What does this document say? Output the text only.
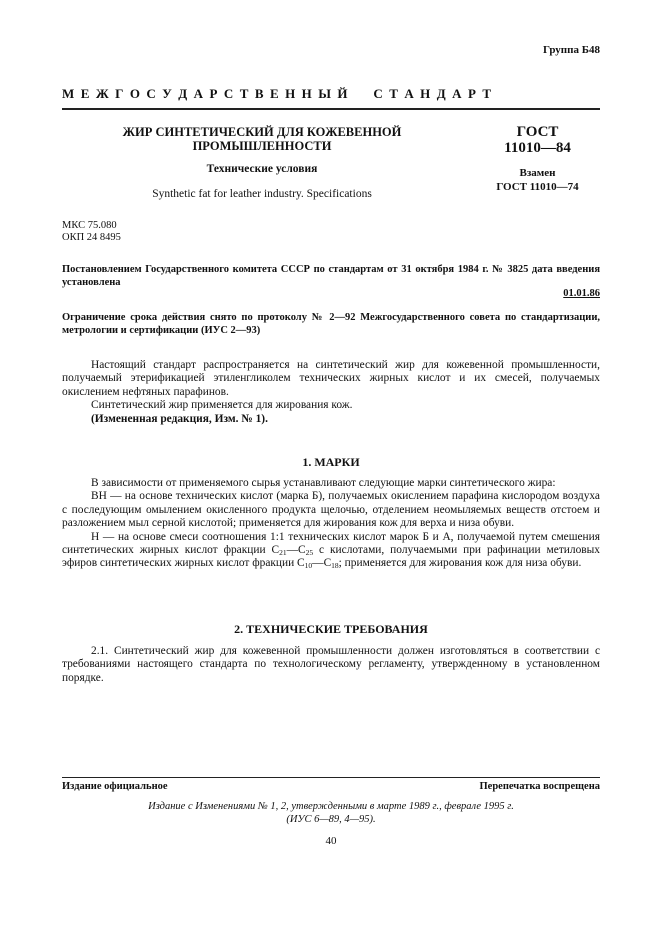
Группа Б48
М Е Ж Г О С У Д А Р С Т В Е Н Н Ы Й     С Т А Н Д А Р Т
ЖИР СИНТЕТИЧЕСКИЙ ДЛЯ КОЖЕВЕННОЙ
ПРОМЫШЛЕННОСТИ
Технические условия
Synthetic fat for leather industry. Specifications
ГОСТ
11010—84
Взамен
ГОСТ 11010—74
МКС 75.080
ОКП 24 8495
Постановлением Государственного комитета СССР по стандартам от 31 октября 1984 г. № 3825 дата введения установлена
01.01.86
Ограничение срока действия снято по протоколу № 2—92 Межгосударственного совета по стандартизации, метрологии и сертификации (ИУС 2—93)

Настоящий стандарт распространяется на синтетический жир для кожевенной промышленности, получаемый этерификацией этиленгликолем технических жирных кислот и их смесей, получаемых окислением нефтяных парафинов.

Синтетический жир применяется для жирования кож.

(Измененная редакция, Изм. № 1).

1. МАРКИ

В зависимости от применяемого сырья устанавливают следующие марки синтетического жира:

ВН — на основе технических кислот (марка Б), получаемых окислением парафина кислородом воздуха с последующим омылением окисленного продукта щелочью, отделением неомыляемых веществ отстоем и разложением мыл серной кислотой; применяется для жирования кож для верха и низа обуви.

Н — на основе смеси соотношения 1:1 технических кислот марок Б и А, получаемой путем смешения синтетических жирных кислот фракции $С_{21}—С_{25}$ с кислотами, получаемыми при рафинации метиловых эфиров синтетических жирных кислот фракции $С_{10}—С_{18}$; применяется для жирования кож для низа обуви.

2. ТЕХНИЧЕСКИЕ ТРЕБОВАНИЯ

2.1. Синтетический жир для кожевенной промышленности должен изготовляться в соответствии с требованиями настоящего стандарта по технологическому регламенту, утвержденному в установленном порядке.

Издание официальное	Перепечатка воспрещена
Издание с Изменениями № 1, 2, утвержденными в марте 1989 г., феврале 1995 г.
(ИУС 6—89, 4—95).
40
